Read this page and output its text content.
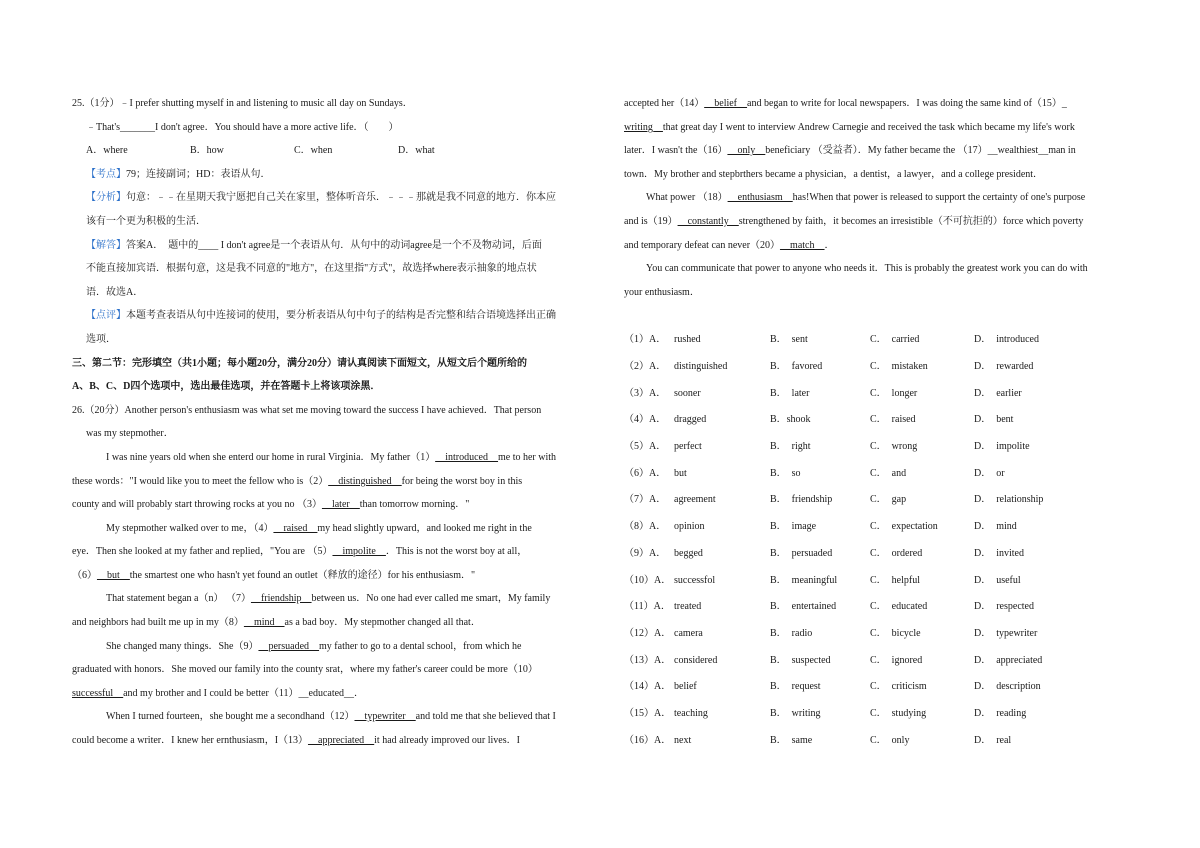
25.（1分）﹣I prefer shutting myself in and listening to music all day on Sundays．
﹣That's_______I don't agree．You should have a more active life．（　　）
A．where	B．how	C．when	D．what
【考点】79；连接副词；HD：表语从句．
【分析】句意：﹣﹣在星期天我宁愿把自己关在家里，整体听音乐．﹣﹣﹣那就是我不同意的地方．你本应
该有一个更为积极的生活．
【解答】答案A．　题中的____ I don't agree是一个表语从句．从句中的动词agree是一个不及物动词，后面
不能直接加宾语．根据句意，这是我不同意的"地方"，在这里指"方式"，故选择where表示抽象的地点状
语．故选A．
【点评】本题考查表语从句中连接词的使用，要分析表语从句中句子的结构是否完整和结合语境选择出正确
选项．
三、第二节：完形填空（共1小题；每小题20分，满分20分）请认真阅读下面短文，从短文后个题所给的
A、B、C、D四个选项中，选出最佳选项，并在答题卡上将该项涂黑．
26.（20分）Another person's enthusiasm was what set me moving toward the success I have achieved．That person
was my stepmother．
I was nine years old when she enterd our home in rural Virginia．My father（1）__introduced__me to her with
these words："I would like you to meet the fellow who is（2）__distinguished__for being the worst boy in this
county and will probably start throwing rocks at you no （3）__later__than tomorrow morning．"
My stepmother walked over to me，（4）__raised__my head slightly upward，and looked me right in the
eye．Then she looked at my father and replied，"You are （5）__impolite__．This is not the worst boy at all，
（6）__but__the smartest one who hasn't yet found an outlet（释放的途径）for his enthusiasm．"
That statement began a（n） （7）__friendship__between us．No one had ever called me smart，My family
and neighbors had built me up in my（8）__mind__as a bad boy．My stepmother changed all that．
She changed many things．She（9）__persuaded__my father to go to a dental school，from which he
graduated with honors．She moved our family into the county srat，where my father's career could be more（10）
successful__and my brother and I could be better（11）__educated__．
When I turned fourteen，she bought me a secondhand（12）__typewriter__and told me that she believed that I
could become a writer．I knew her ernthusiasm，I（13）__appreciated__it had already improved our lives．I
accepted her（14）__belief__and began to write for local newspapers．I was doing the same kind of（15）_
writing__that great day I went to interview Andrew Carnegie and received the task which became my life's work
later．I wasn't the（16）__only__beneficiary （受益者）．My father became the （17）__wealthiest__man in
town．My brother and stepbrthers became a physician，a dentist，a lawyer，and a college president．
What power （18）__enthusiasm__has!When that power is released to support the certainty of one's purpose
and is（19）__constantly__strengthened by faith，it becomes an irresistible（不可抗拒的）force which poverty
and temporary defeat can never（20）__match__．
You can communicate that power to anyone who needs it．This is probably the greatest work you can do with
your enthusiasm．
（1）A． rushed	B．　sent	C．　carried	D．　introduced
（2）A． distinguished	B．　favored	C．　mistaken	D．　rewarded
（3）A． sooner	B．　later	C．　longer	D．　earlier
（4）A． dragged	B．shook	C．　raised	D．　bent
（5）A． perfect	B．　right	C．　wrong	D．　impolite
（6）A． but	B．　so	C．　and	D．　or
（7）A． agreement	B．　friendship	C．　gap	D．　relationship
（8）A． opinion	B．　image	C．　expectation	D．　mind
（9）A． begged	B．　persuaded	C．　ordered	D．　invited
（10）A． successfol	B．　meaningful	C．　helpful	D．　useful
（11）A． treated	B．　entertained	C．　educated	D．　respected
（12）A． camera	B．　radio	C．　bicycle	D．　typewriter
（13）A． considered	B．　suspected	C．　ignored	D．　appreciated
（14）A． belief	B．　request	C．　criticism	D．　description
（15）A． teaching	B．　writing	C．　studying	D．　reading
（16）A． next	B．　same	C．　only	D．　real
